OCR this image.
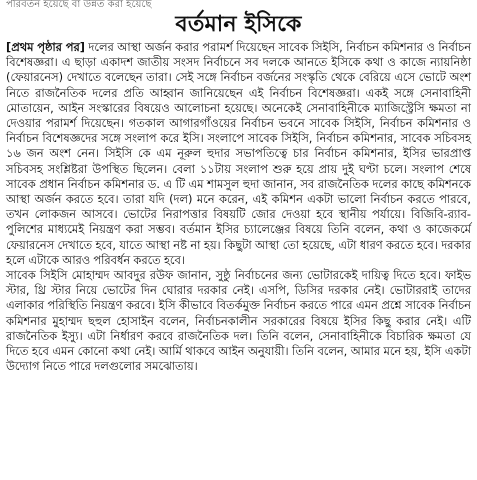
পরিবর্তন হয়েছে বা উন্নত করা হয়েছে
বর্তমান ইসিকে

[প্রথম পৃষ্ঠার পর] দলের আস্থা অর্জন করার পরামর্শ দিয়েছেন সাবেক সিইসি, নির্বাচন কমিশনার ও নির্বাচন বিশেষজ্ঞরা। এ ছাড়া একাদশ জাতীয় সংসদ নির্বাচনে সব দলকে আনতে ইসিকে কথা ও কাজে ন্যায়নিষ্ঠা (ফেয়ারনেস) দেখাতে বলেছেন তারা। সেই সঙ্গে নির্বাচন বর্জনের সংস্কৃতি থেকে বেরিয়ে এসে ভোটে অংশ নিতে রাজনৈতিক দলের প্রতি আহ্বান জানিয়েছেন এই নির্বাচন বিশেষজ্ঞরা। একই সঙ্গে সেনাবাহিনী মোতায়েন, আইন সংস্কারের বিষয়েও আলোচনা হয়েছে। অনেকেই সেনাবাহিনীকে ম্যাজিস্ট্রেসি ক্ষমতা না দেওয়ার পরামর্শ দিয়েছেন। গতকাল আগারগাঁওয়ের নির্বাচন ভবনে সাবেক সিইসি, নির্বাচন কমিশনার ও নির্বাচন বিশেষজ্ঞদের সঙ্গে সংলাপ করে ইসি। সংলাপে সাবেক সিইসি, নির্বাচন কমিশনার, সাবেক সচিবসহ ১৬ জন অংশ নেন। সিইসি কে এম নূরুল হুদার সভাপতিত্বে চার নির্বাচন কমিশনার, ইসির ভারপ্রাপ্ত সচিবসহ সংশ্লিষ্টরা উপস্থিত ছিলেন। বেলা ১১টায় সংলাপ শুরু হয়ে প্রায় দুই ঘণ্টা চলে। সংলাপ শেষে সাবেক প্রধান নির্বাচন কমিশনার ড. এ টি এম শামসুল হুদা জানান, সব রাজনৈতিক দলের কাছে কমিশনকে আস্থা অর্জন করতে হবে। তারা যদি (দল) মনে করেন, এই কমিশন একটা ভালো নির্বাচন করতে পারবে, তখন লোকজন আসবে। ভোটের নিরাপত্তার বিষয়টি জোর দেওয়া হবে স্থানীয় পর্যায়ে। বিজিবি-র‍্যাব-পুলিশের মাধ্যমেই নিয়ন্ত্রণ করা সম্ভব। বর্তমান ইসির চ্যালেঞ্জের বিষয়ে তিনি বলেন, কথা ও কাজেকর্মে ফেয়ারনেস দেখাতে হবে, যাতে আস্থা নষ্ট না হয়। কিছুটা আস্থা তো হয়েছে, এটা ধারণ করতে হবে। দরকার হলে এটাকে আরও পরিবর্ধন করতে হবে।

সাবেক সিইসি মোহাম্মদ আবদুর রউফ জানান, সুষ্ঠু নির্বাচনের জন্য ভোটারকেই দায়িত্ব দিতে হবে। ফাইভ স্টার, থ্রি স্টার নিয়ে ভোটের দিন ঘোরার দরকার নেই। এসপি, ডিসির দরকার নেই। ভোটাররাই তাদের এলাকার পরিস্থিতি নিয়ন্ত্রণ করবে। ইসি কীভাবে বিতর্কমুক্ত নির্বাচন করতে পারে এমন প্রশ্নে সাবেক নির্বাচন কমিশনার মুহাম্মদ ছহুল হোসাইন বলেন, নির্বাচনকালীন সরকারের বিষয়ে ইসির কিছু করার নেই। এটি রাজনৈতিক ইস্যু। এটা নির্ধারণ করবে রাজনৈতিক দল। তিনি বলেন, সেনাবাহিনীকে বিচারিক ক্ষমতা যে দিতে হবে এমন কোনো কথা নেই। আর্মি থাকবে আইন অনুযায়ী। তিনি বলেন, আমার মনে হয়, ইসি একটা উদ্যোগ নিতে পারে দলগুলোর সমঝোতায়।
